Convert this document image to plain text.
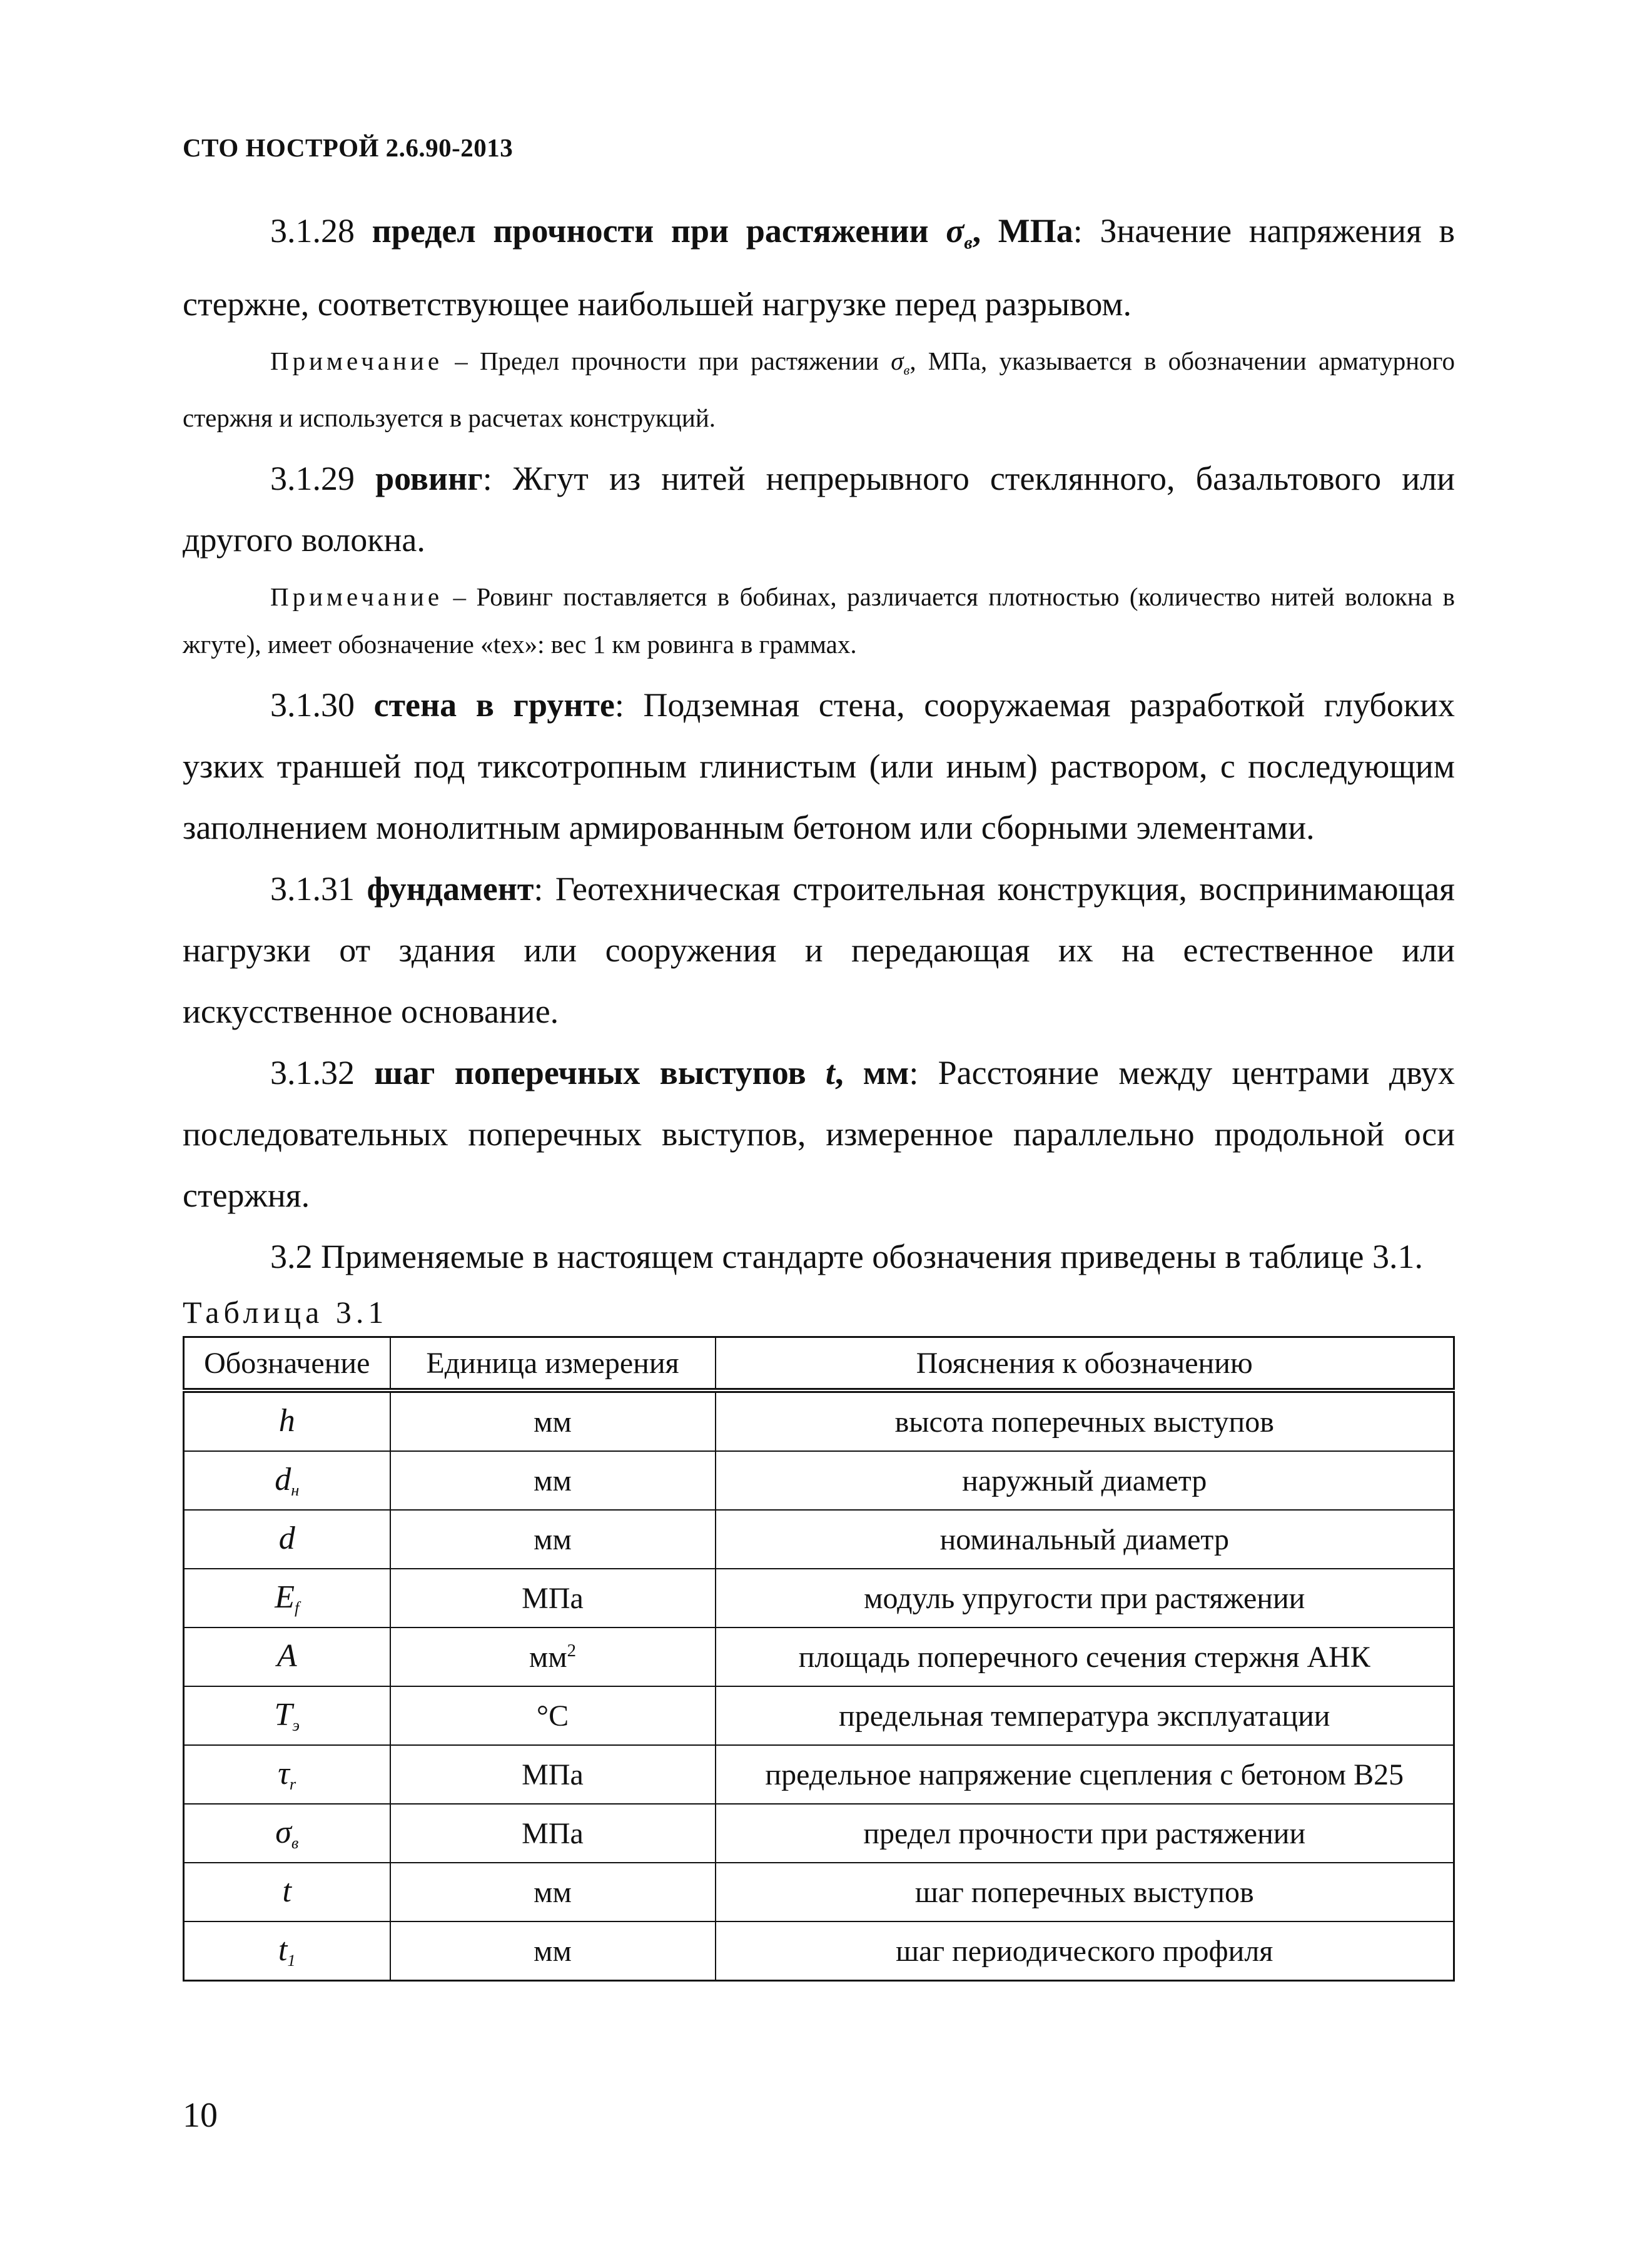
СТО НОСТРОЙ 2.6.90-2013

3.1.28 предел прочности при растяжении $\sigma_в$, МПа: Значение напряжения в стержне, соответствующее наибольшей нагрузке перед разрывом.

Примечание – Предел прочности при растяжении $\sigma_в$, МПа, указывается в обозначении арматурного стержня и используется в расчетах конструкций.

3.1.29 ровинг: Жгут из нитей непрерывного стеклянного, базальтового или другого волокна.

Примечание – Ровинг поставляется в бобинах, различается плотностью (количество нитей волокна в жгуте), имеет обозначение «tex»: вес 1 км ровинга в граммах.

3.1.30 стена в грунте: Подземная стена, сооружаемая разработкой глубоких узких траншей под тиксотропным глинистым (или иным) раствором, с последующим заполнением монолитным армированным бетоном или сборными элементами.

3.1.31 фундамент: Геотехническая строительная конструкция, воспринимающая нагрузки от здания или сооружения и передающая их на естественное или искусственное основание.

3.1.32 шаг поперечных выступов t, мм: Расстояние между центрами двух последовательных поперечных выступов, измеренное параллельно продольной оси стержня.

3.2 Применяемые в настоящем стандарте обозначения приведены в таблице 3.1.

Таблица 3.1
Обозначение	Единица измерения	Пояснения к обозначению
h	мм	высота поперечных выступов
$d_н$	мм	наружный диаметр
d	мм	номинальный диаметр
$E_f$	МПа	модуль упругости при растяжении
A	$мм^2$	площадь поперечного сечения стержня АНК
$T_э$	°С	предельная температура эксплуатации
$\tau_r$	МПа	предельное напряжение сцепления с бетоном В25
$\sigma_в$	МПа	предел прочности при растяжении
t	мм	шаг поперечных выступов
$t_1$	мм	шаг периодического профиля
10
